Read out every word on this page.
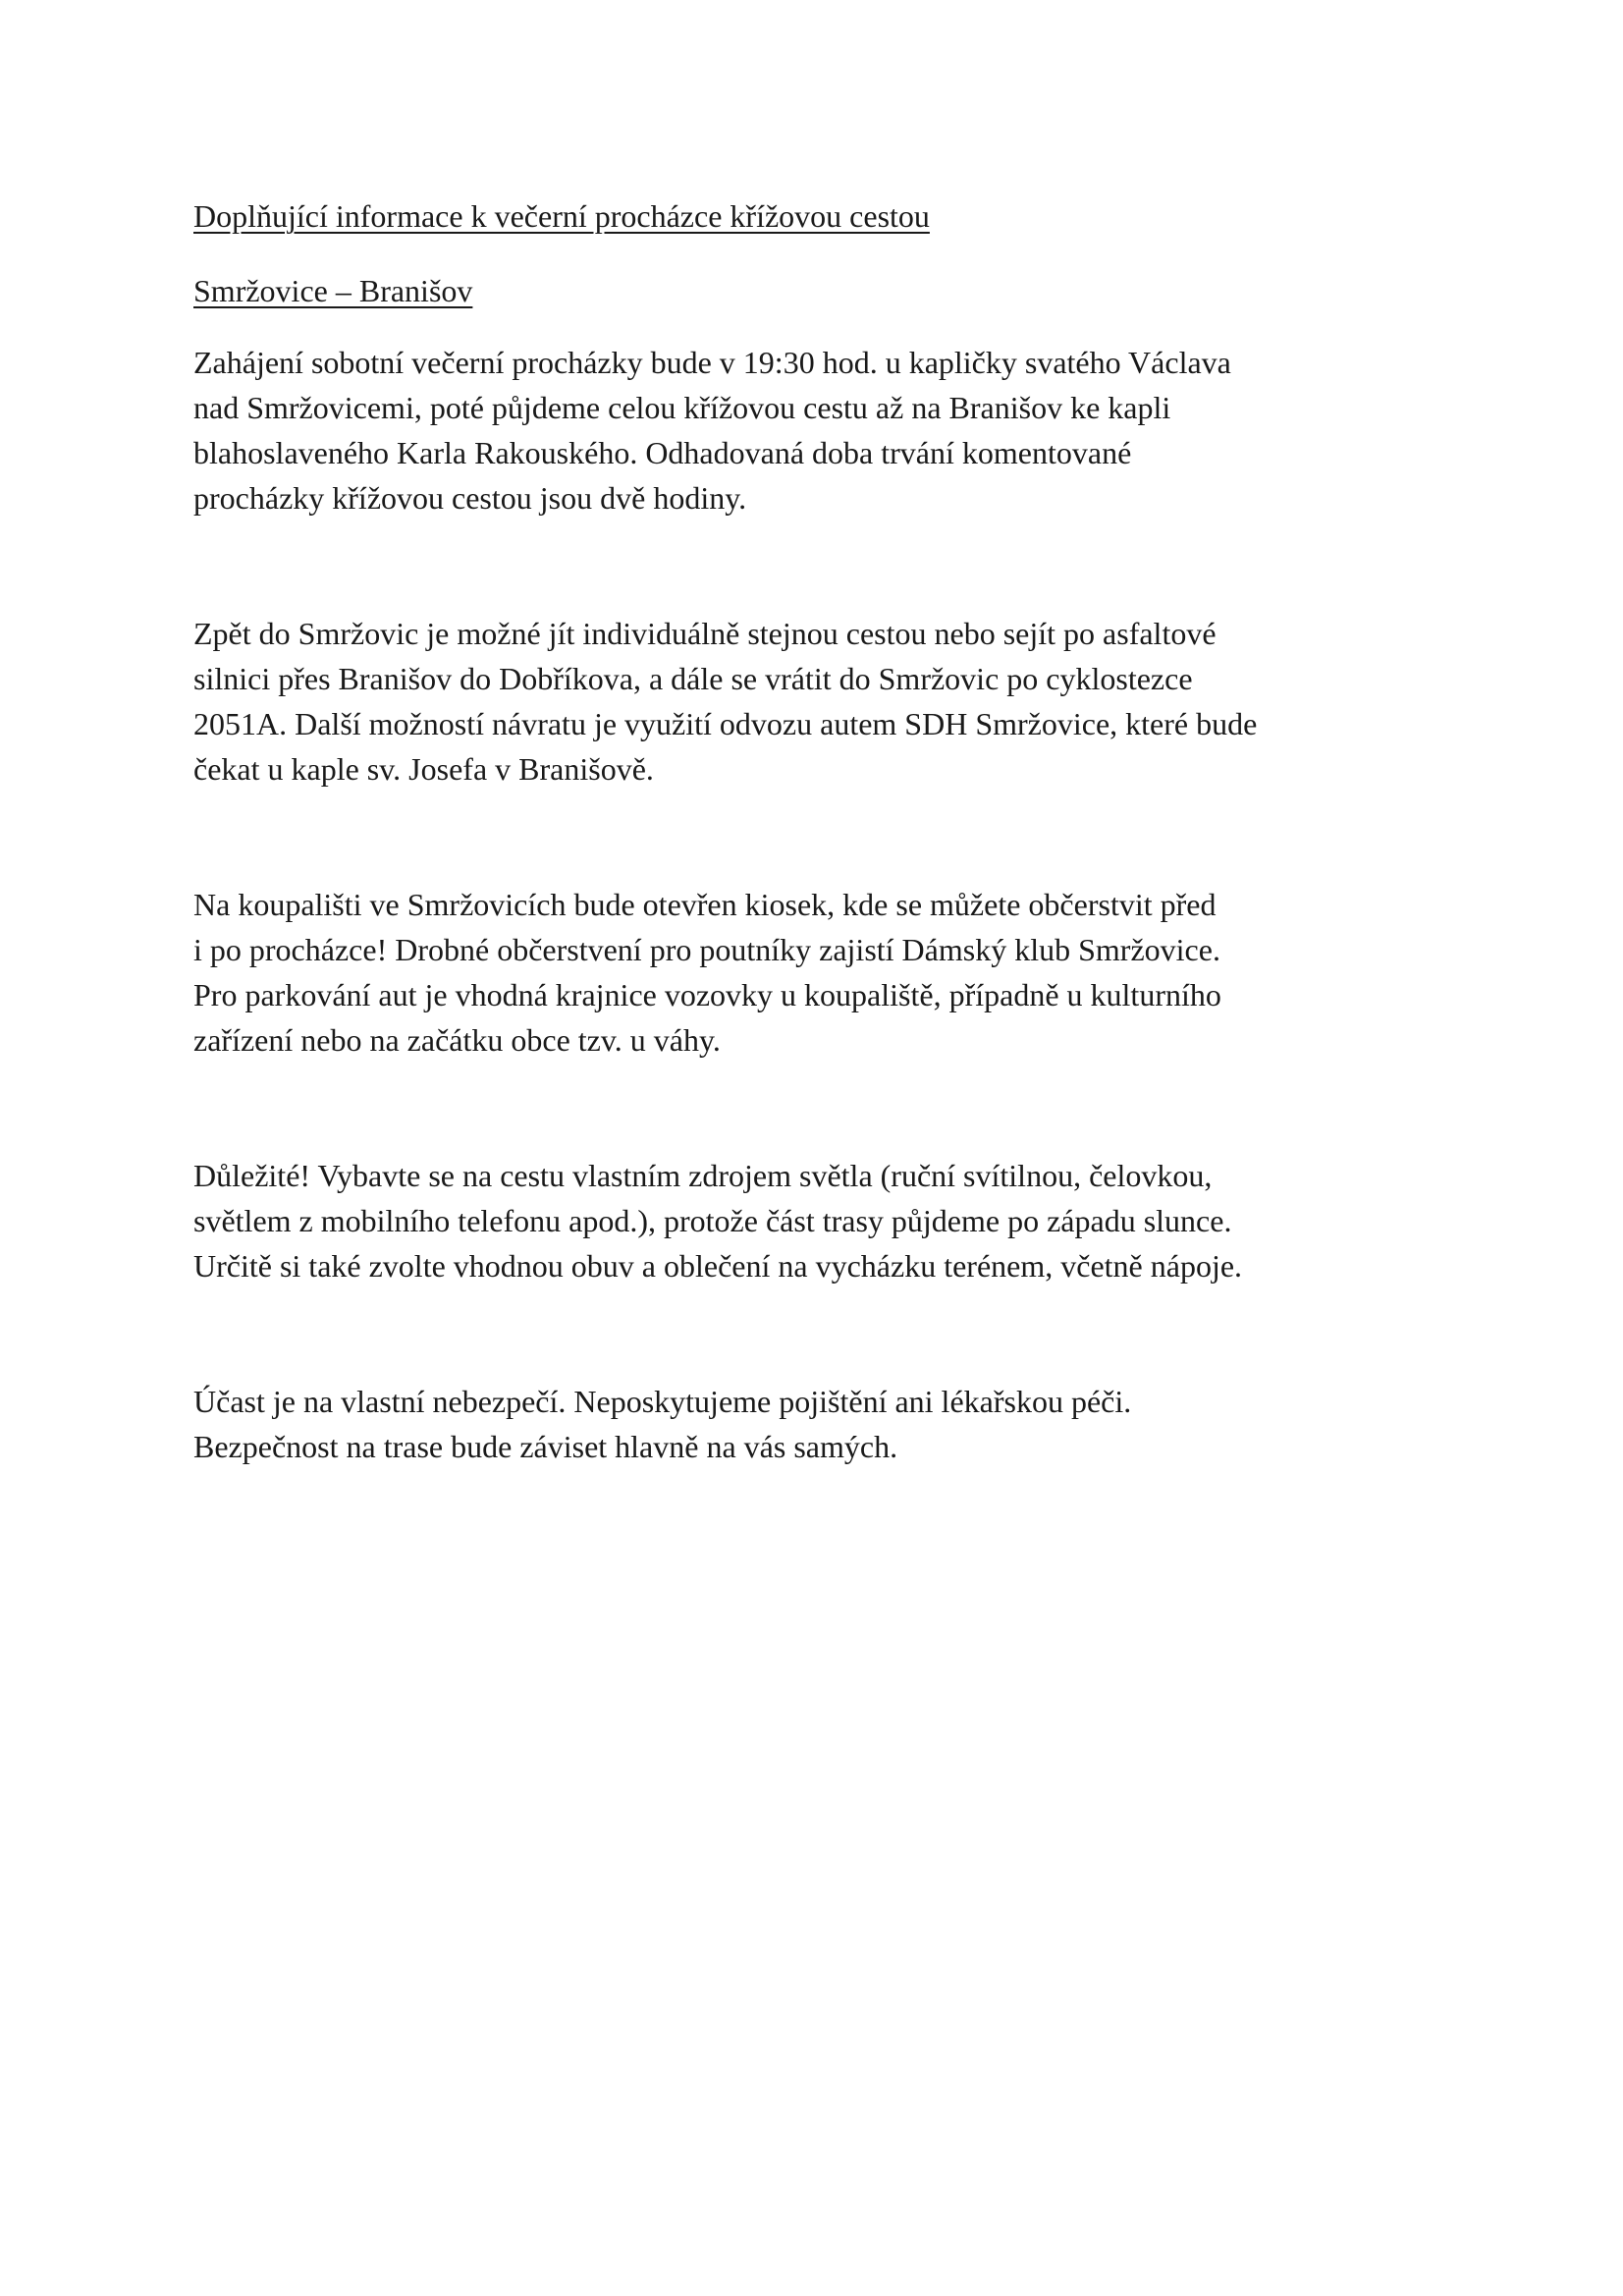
Doplňující informace k večerní procházce křížovou cestou

Smržovice – Branišov

Zahájení sobotní večerní procházky bude v 19:30 hod. u kapličky svatého Václava
nad Smržovicemi, poté půjdeme celou křížovou cestu až na Branišov ke kapli
blahoslaveného Karla Rakouského. Odhadovaná doba trvání komentované
procházky křížovou cestou jsou dvě hodiny.

Zpět do Smržovic je možné jít individuálně stejnou cestou nebo sejít po asfaltové
silnici přes Branišov do Dobříkova, a dále se vrátit do Smržovic po cyklostezce
2051A. Další možností návratu je využití odvozu autem SDH Smržovice, které bude
čekat u kaple sv. Josefa v Branišově.

Na koupališti ve Smržovicích bude otevřen kiosek, kde se můžete občerstvit před
i po procházce! Drobné občerstvení pro poutníky zajistí Dámský klub Smržovice.
Pro parkování aut je vhodná krajnice vozovky u koupaliště, případně u kulturního
zařízení nebo na začátku obce tzv. u váhy.

Důležité! Vybavte se na cestu vlastním zdrojem světla (ruční svítilnou, čelovkou,
světlem z mobilního telefonu apod.), protože část trasy půjdeme po západu slunce.
Určitě si také zvolte vhodnou obuv a oblečení na vycházku terénem, včetně nápoje.

Účast je na vlastní nebezpečí. Neposkytujeme pojištění ani lékařskou péči.
Bezpečnost na trase bude záviset hlavně na vás samých.
